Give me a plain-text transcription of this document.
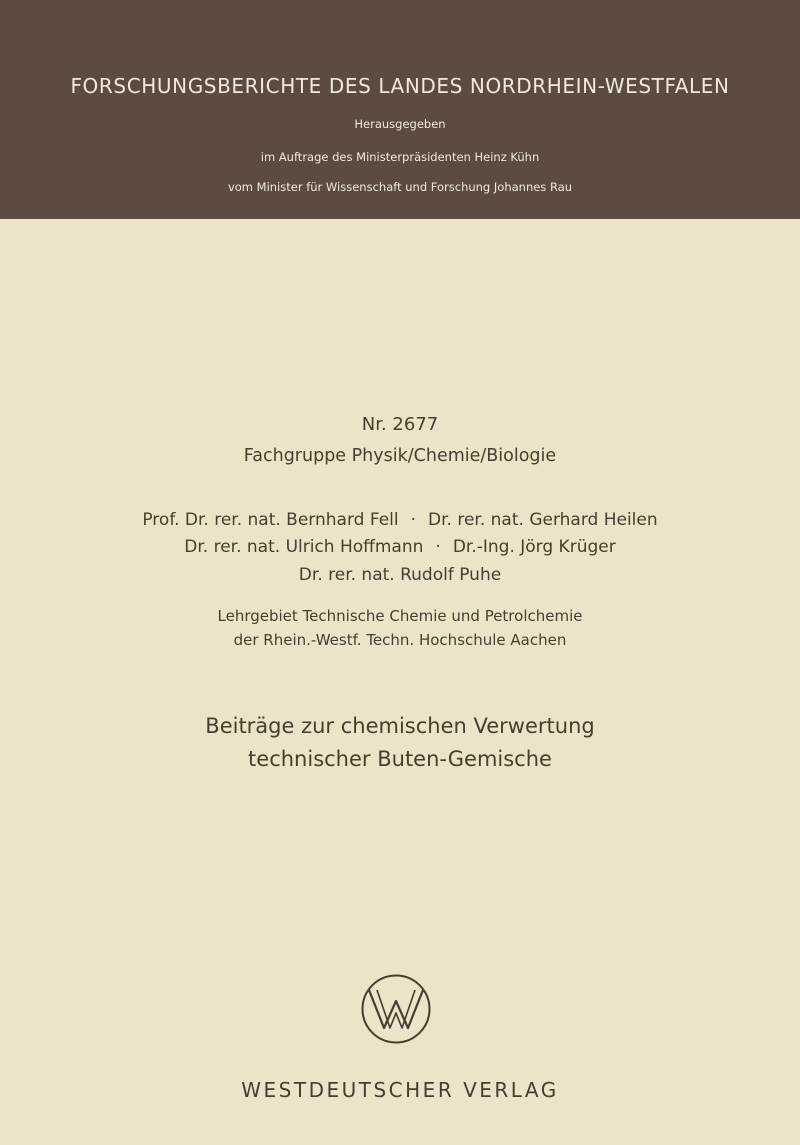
FORSCHUNGSBERICHTE DES LANDES NORDRHEIN-WESTFALEN
Herausgegeben
im Auftrage des Ministerpräsidenten Heinz Kühn
vom Minister für Wissenschaft und Forschung Johannes Rau
Nr. 2677
Fachgruppe Physik/Chemie/Biologie
Prof. Dr. rer. nat. Bernhard Fell · Dr. rer. nat. Gerhard Heilen
Dr. rer. nat. Ulrich Hoffmann · Dr.-Ing. Jörg Krüger
Dr. rer. nat. Rudolf Puhe
Lehrgebiet Technische Chemie und Petrolchemie
der Rhein.-Westf. Techn. Hochschule Aachen
Beiträge zur chemischen Verwertung
technischer Buten-Gemische
WESTDEUTSCHER VERLAG
